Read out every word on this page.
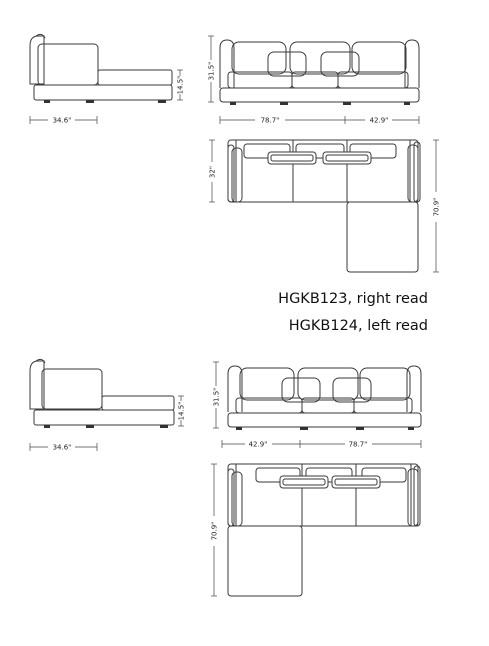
34.6"
14.5"
31.5"
78.7"	42.9"
32"
70.9"
34.6"
14.5"
31.5"
42.9"	78.7"
70.9"
HGKB123, right read
HGKB124, left read
